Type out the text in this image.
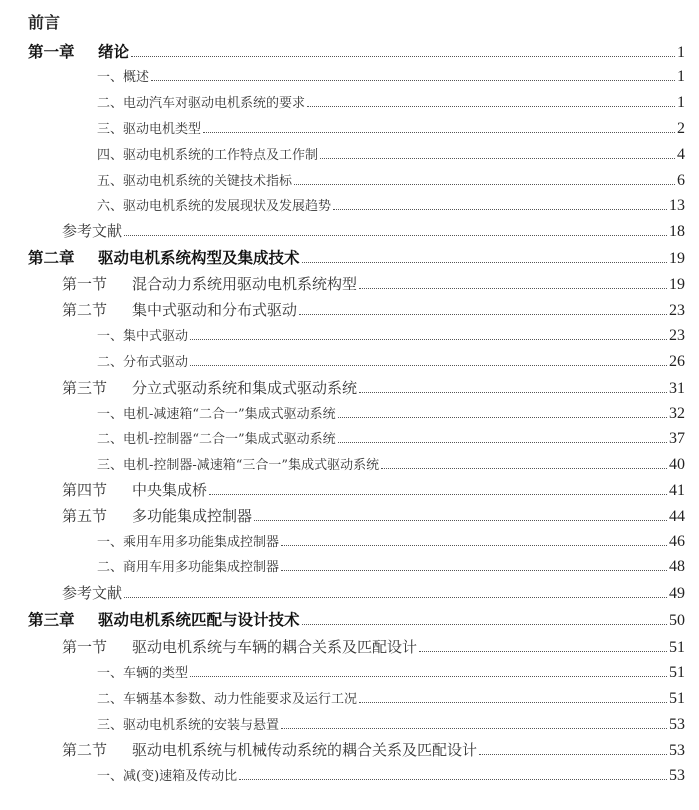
前言
第一章 绪论	1
一、概述	1
二、电动汽车对驱动电机系统的要求	1
三、驱动电机类型	2
四、驱动电机系统的工作特点及工作制	4
五、驱动电机系统的关键技术指标	6
六、驱动电机系统的发展现状及发展趋势	13
参考文献	18
第二章 驱动电机系统构型及集成技术	19
第一节 混合动力系统用驱动电机系统构型	19
第二节 集中式驱动和分布式驱动	23
一、集中式驱动	23
二、分布式驱动	26
第三节 分立式驱动系统和集成式驱动系统	31
一、电机-减速箱“二合一”集成式驱动系统	32
二、电机-控制器“二合一”集成式驱动系统	37
三、电机-控制器-减速箱“三合一”集成式驱动系统	40
第四节 中央集成桥	41
第五节 多功能集成控制器	44
一、乘用车用多功能集成控制器	46
二、商用车用多功能集成控制器	48
参考文献	49
第三章 驱动电机系统匹配与设计技术	50
第一节 驱动电机系统与车辆的耦合关系及匹配设计	51
一、车辆的类型	51
二、车辆基本参数、动力性能要求及运行工况	51
三、驱动电机系统的安装与悬置	53
第二节 驱动电机系统与机械传动系统的耦合关系及匹配设计	53
一、减(变)速箱及传动比	53
